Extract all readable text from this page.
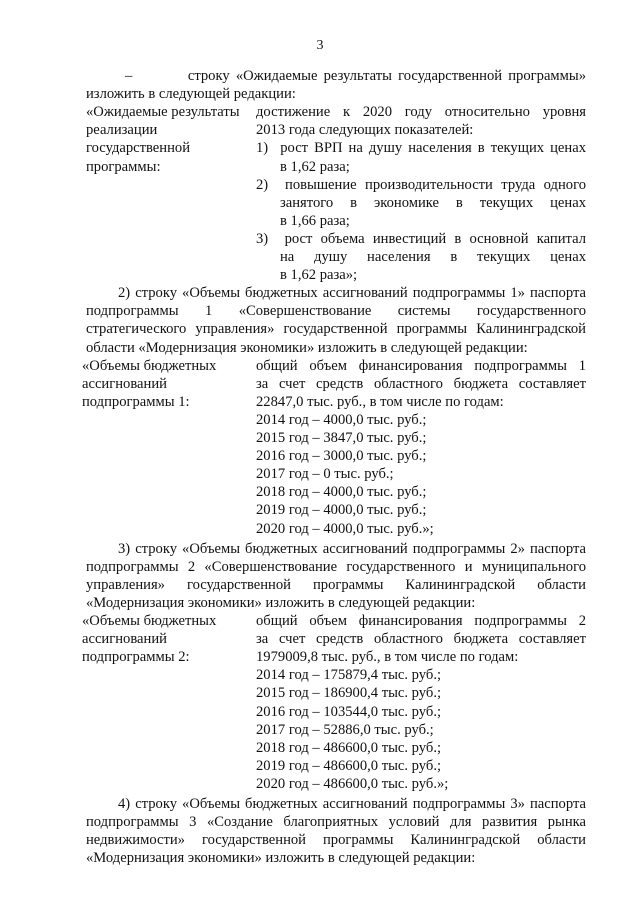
3
–         строку «Ожидаемые результаты государственной программы»
изложить в следующей редакции:
«Ожидаемые результаты
реализации
государственной
программы:
достижение к 2020 году относительно уровня
2013 года следующих показателей:
1)  рост ВРП на душу населения в текущих ценах
в 1,62 раза;
2)  повышение производительности труда одного
занятого в экономике в текущих ценах
в 1,66 раза;
3)  рост объема инвестиций в основной капитал
на душу населения в текущих ценах
в 1,62 раза»;
2) строку «Объемы бюджетных ассигнований подпрограммы 1» паспорта
подпрограммы 1 «Совершенствование системы государственного
стратегического управления» государственной программы Калининградской
области «Модернизация экономики» изложить в следующей редакции:
«Объемы бюджетных
ассигнований
подпрограммы 1:
общий объем финансирования подпрограммы 1
за счет средств областного бюджета составляет
22847,0 тыс. руб., в том числе по годам:
2014 год – 4000,0 тыс. руб.;
2015 год – 3847,0 тыс. руб.;
2016 год – 3000,0 тыс. руб.;
2017 год – 0 тыс. руб.;
2018 год – 4000,0 тыс. руб.;
2019 год – 4000,0 тыс. руб.;
2020 год – 4000,0 тыс. руб.»;
3) строку «Объемы бюджетных ассигнований подпрограммы 2» паспорта
подпрограммы 2 «Совершенствование государственного и муниципального
управления» государственной программы Калининградской области
«Модернизация экономики» изложить в следующей редакции:
«Объемы бюджетных
ассигнований
подпрограммы 2:
общий объем финансирования подпрограммы 2
за счет средств областного бюджета составляет
1979009,8 тыс. руб., в том числе по годам:
2014 год – 175879,4 тыс. руб.;
2015 год – 186900,4 тыс. руб.;
2016 год – 103544,0 тыс. руб.;
2017 год – 52886,0 тыс. руб.;
2018 год – 486600,0 тыс. руб.;
2019 год – 486600,0 тыс. руб.;
2020 год – 486600,0 тыс. руб.»;
4) строку «Объемы бюджетных ассигнований подпрограммы 3» паспорта
подпрограммы 3 «Создание благоприятных условий для развития рынка
недвижимости» государственной программы Калининградской области
«Модернизация экономики» изложить в следующей редакции:
